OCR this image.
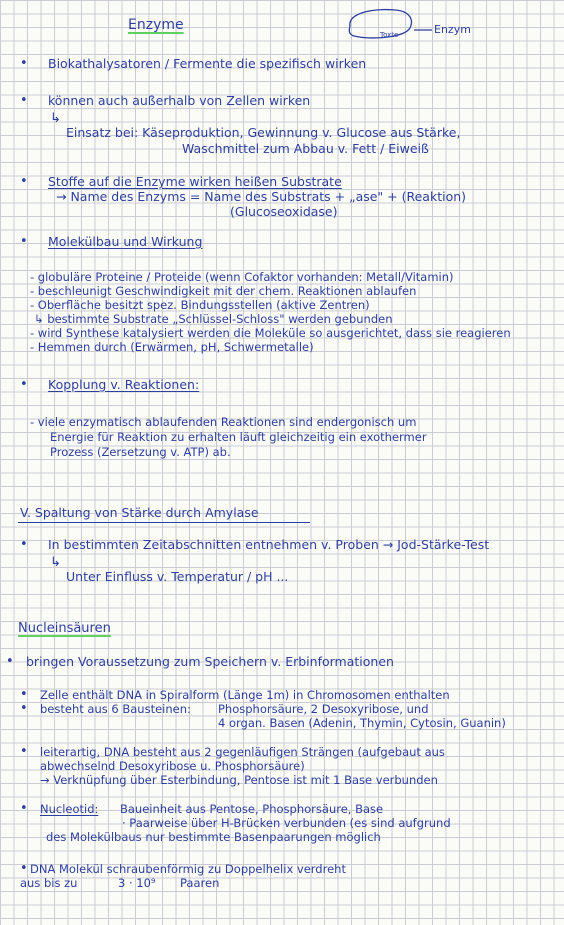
Enzyme
Toxte	Enzym
• Biokathalysatoren / Fermente die spezifisch wirken
• können auch außerhalb von Zellen wirken
↳
Einsatz bei: Käseproduktion, Gewinnung v. Glucose aus Stärke,
Waschmittel zum Abbau v. Fett / Eiweiß
• Stoffe auf die Enzyme wirken heißen Substrate
→ Name des Enzyms = Name des Substrats + „ase" + (Reaktion)
(Glucoseoxidase)
• Molekülbau und Wirkung
- globuläre Proteine / Proteide (wenn Cofaktor vorhanden: Metall/Vitamin)
- beschleunigt Geschwindigkeit mit der chem. Reaktionen ablaufen
- Oberfläche besitzt spez. Bindungsstellen (aktive Zentren)
↳ bestimmte Substrate „Schlüssel-Schloss" werden gebunden
- wird Synthese katalysiert werden die Moleküle so ausgerichtet, dass sie reagieren
- Hemmen durch (Erwärmen, pH, Schwermetalle)
• Kopplung v. Reaktionen:
- viele enzymatisch ablaufenden Reaktionen sind endergonisch um
Energie für Reaktion zu erhalten läuft gleichzeitig ein exothermer
Prozess (Zersetzung v. ATP) ab.
V. Spaltung von Stärke durch Amylase
• In bestimmten Zeitabschnitten entnehmen v. Proben → Jod-Stärke-Test
↳
Unter Einfluss v. Temperatur / pH ...
Nucleinsäuren
• bringen Voraussetzung zum Speichern v. Erbinformationen
• Zelle enthält DNA in Spiralform (Länge 1m) in Chromosomen enthalten
• besteht aus 6 Bausteinen: Phosphorsäure, 2 Desoxyribose, und
4 organ. Basen (Adenin, Thymin, Cytosin, Guanin)
• leiterartig, DNA besteht aus 2 gegenläufigen Strängen (aufgebaut aus
abwechselnd Desoxyribose u. Phosphorsäure)
→ Verknüpfung über Esterbindung, Pentose ist mit 1 Base verbunden
• Nucleotid: Baueinheit aus Pentose, Phosphorsäure, Base
· Paarweise über H-Brücken verbunden (es sind aufgrund
des Molekülbaus nur bestimmte Basenpaarungen möglich
• DNA Molekül schraubenförmig zu Doppelhelix verdreht
aus bis zu	3 · 10⁹ Paaren
